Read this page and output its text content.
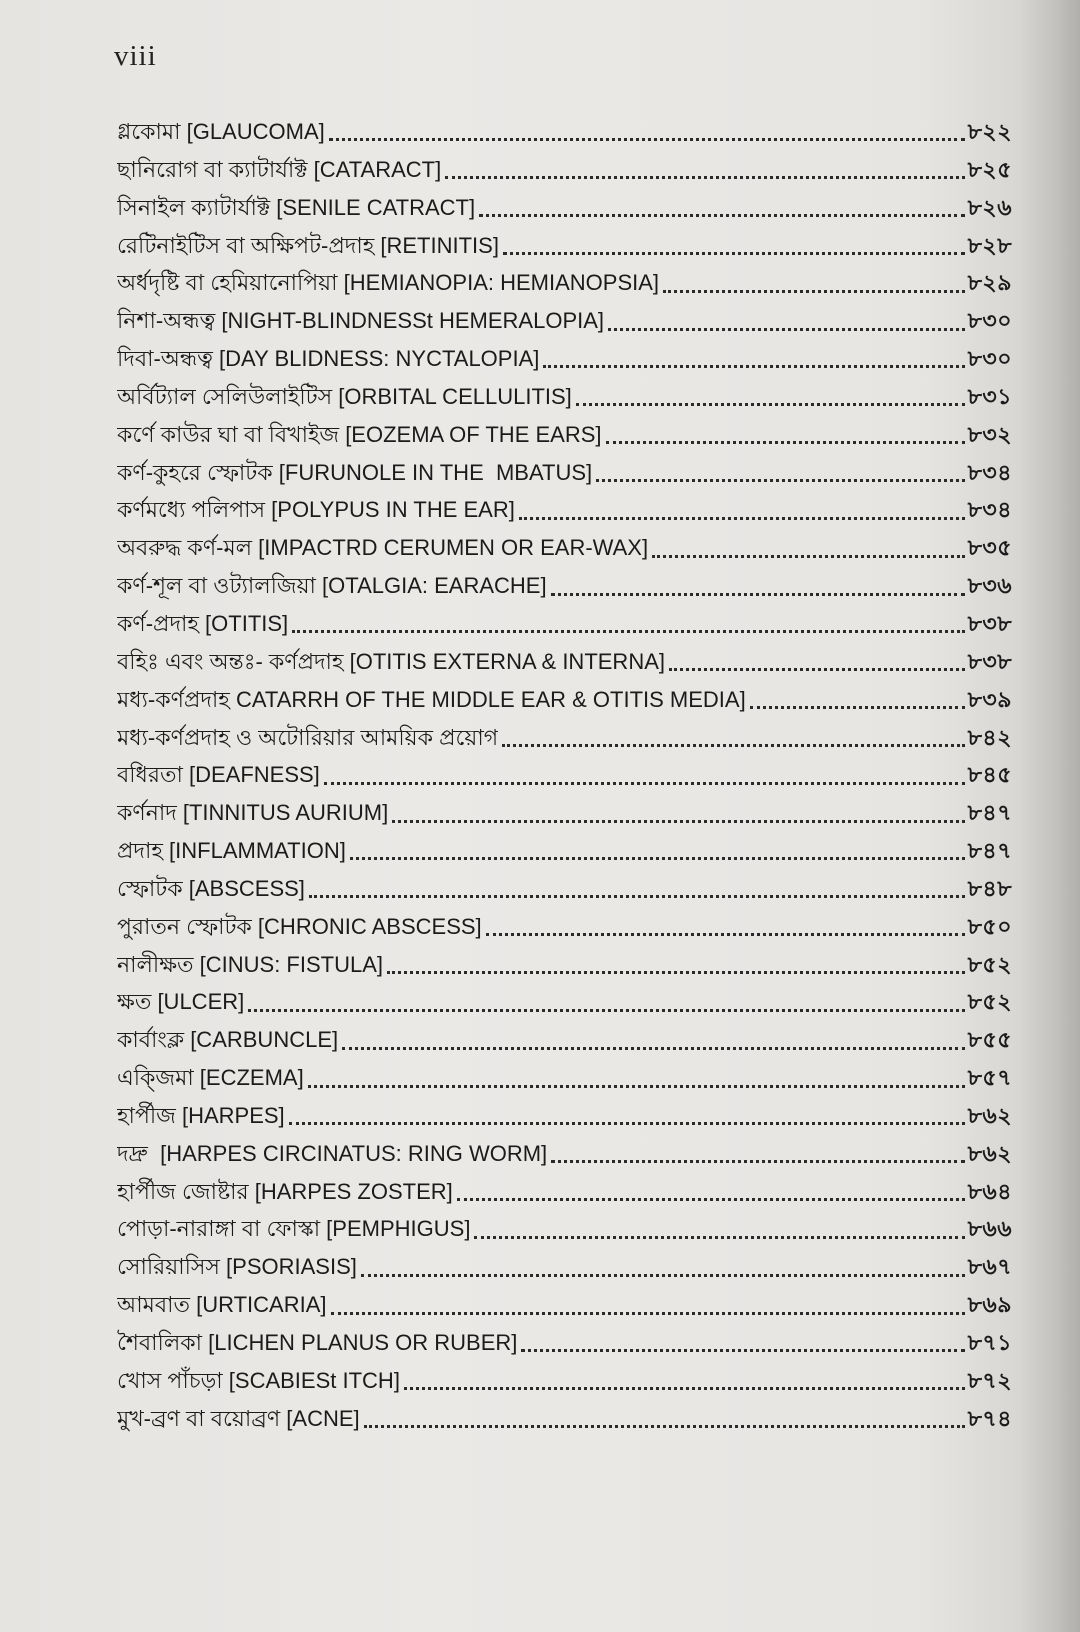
viii
গ্লকোমা [GLAUCOMA]	৮২২
ছানিরোগ বা ক্যাটার্যাক্ট [CATARACT]	৮২৫
সিনাইল ক্যাটার্যাক্ট [SENILE CATRACT]	৮২৬
রেটিনাইটিস বা অক্ষিপট-প্রদাহ [RETINITIS]	৮২৮
অর্ধদৃষ্টি বা হেমিয়ানোপিয়া [HEMIANOPIA: HEMIANOPSIA]	৮২৯
নিশা-অন্ধত্ব [NIGHT-BLINDNESSt HEMERALOPIA]	৮৩০
দিবা-অন্ধত্ব [DAY BLIDNESS: NYCTALOPIA]	৮৩০
অর্বিট্যাল সেলিউলাইটিস [ORBITAL CELLULITIS]	৮৩১
কর্ণে কাউর ঘা বা বিখাইজ [EOZEMA OF THE EARS]	৮৩২
কর্ণ-কুহরে স্ফোটক [FURUNOLE IN THE  MBATUS]	৮৩৪
কর্ণমধ্যে পলিপাস [POLYPUS IN THE EAR]	৮৩৪
অবরুদ্ধ কর্ণ-মল [IMPACTRD CERUMEN OR EAR-WAX]	৮৩৫
কর্ণ-শূল বা ওট্যালজিয়া [OTALGIA: EARACHE]	৮৩৬
কর্ণ-প্রদাহ [OTITIS]	৮৩৮
বহিঃ এবং অন্তঃ- কর্ণপ্রদাহ [OTITIS EXTERNA & INTERNA]	৮৩৮
মধ্য-কর্ণপ্রদাহ CATARRH OF THE MIDDLE EAR & OTITIS MEDIA]	৮৩৯
মধ্য-কর্ণপ্রদাহ ও অটোরিয়ার আময়িক প্রয়োগ	৮৪২
বধিরতা [DEAFNESS]	৮৪৫
কর্ণনাদ [TINNITUS AURIUM]	৮৪৭
প্রদাহ [INFLAMMATION]	৮৪৭
স্ফোটক [ABSCESS]	৮৪৮
পুরাতন স্ফোটক [CHRONIC ABSCESS]	৮৫০
নালীক্ষত [CINUS: FISTULA]	৮৫২
ক্ষত [ULCER]	৮৫২
কার্বাংক্ল [CARBUNCLE]	৮৫৫
এক্জিমা [ECZEMA]	৮৫৭
হার্পীজ [HARPES]	৮৬২
দদ্রু  [HARPES CIRCINATUS: RING WORM]	৮৬২
হার্পীজ জোষ্টার [HARPES ZOSTER]	৮৬৪
পোড়া-নারাঙ্গা বা ফোস্কা [PEMPHIGUS]	৮৬৬
সোরিয়াসিস [PSORIASIS]	৮৬৭
আমবাত [URTICARIA]	৮৬৯
শৈবালিকা [LICHEN PLANUS OR RUBER]	৮৭১
খোস পাঁচড়া [SCABIESt ITCH]	৮৭২
মুখ-ব্রণ বা বয়োব্রণ [ACNE]	৮৭৪
